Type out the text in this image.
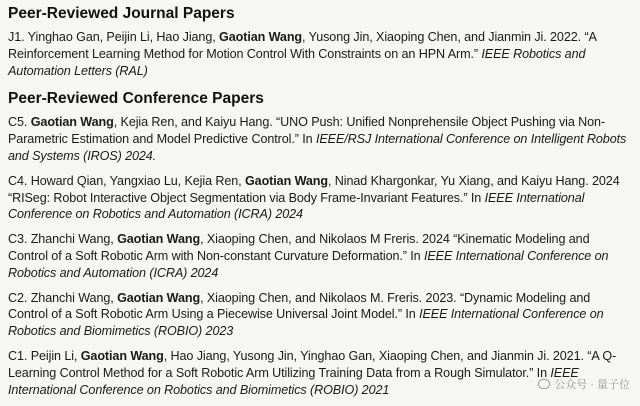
Peer-Reviewed Journal Papers
J1. Yinghao Gan, Peijin Li, Hao Jiang, Gaotian Wang, Yusong Jin, Xiaoping Chen, and Jianmin Ji. 2022. “A Reinforcement Learning Method for Motion Control With Constraints on an HPN Arm.” IEEE Robotics and Automation Letters (RAL)
Peer-Reviewed Conference Papers
C5. Gaotian Wang, Kejia Ren, and Kaiyu Hang. “UNO Push: Unified Nonprehensile Object Pushing via Non-Parametric Estimation and Model Predictive Control.” In IEEE/RSJ International Conference on Intelligent Robots and Systems (IROS) 2024.
C4. Howard Qian, Yangxiao Lu, Kejia Ren, Gaotian Wang, Ninad Khargonkar, Yu Xiang, and Kaiyu Hang. 2024 “RISeg: Robot Interactive Object Segmentation via Body Frame-Invariant Features.” In IEEE International Conference on Robotics and Automation (ICRA) 2024
C3. Zhanchi Wang, Gaotian Wang, Xiaoping Chen, and Nikolaos M Freris. 2024 “Kinematic Modeling and Control of a Soft Robotic Arm with Non-constant Curvature Deformation.” In IEEE International Conference on Robotics and Automation (ICRA) 2024
C2. Zhanchi Wang, Gaotian Wang, Xiaoping Chen, and Nikolaos M. Freris. 2023. “Dynamic Modeling and Control of a Soft Robotic Arm Using a Piecewise Universal Joint Model.” In IEEE International Conference on Robotics and Biomimetics (ROBIO) 2023
C1. Peijin Li, Gaotian Wang, Hao Jiang, Yusong Jin, Yinghao Gan, Xiaoping Chen, and Jianmin Ji. 2021. “A Q-Learning Control Method for a Soft Robotic Arm Utilizing Training Data from a Rough Simulator.” In IEEE International Conference on Robotics and Biomimetics (ROBIO) 2021	公众号 · 量子位
